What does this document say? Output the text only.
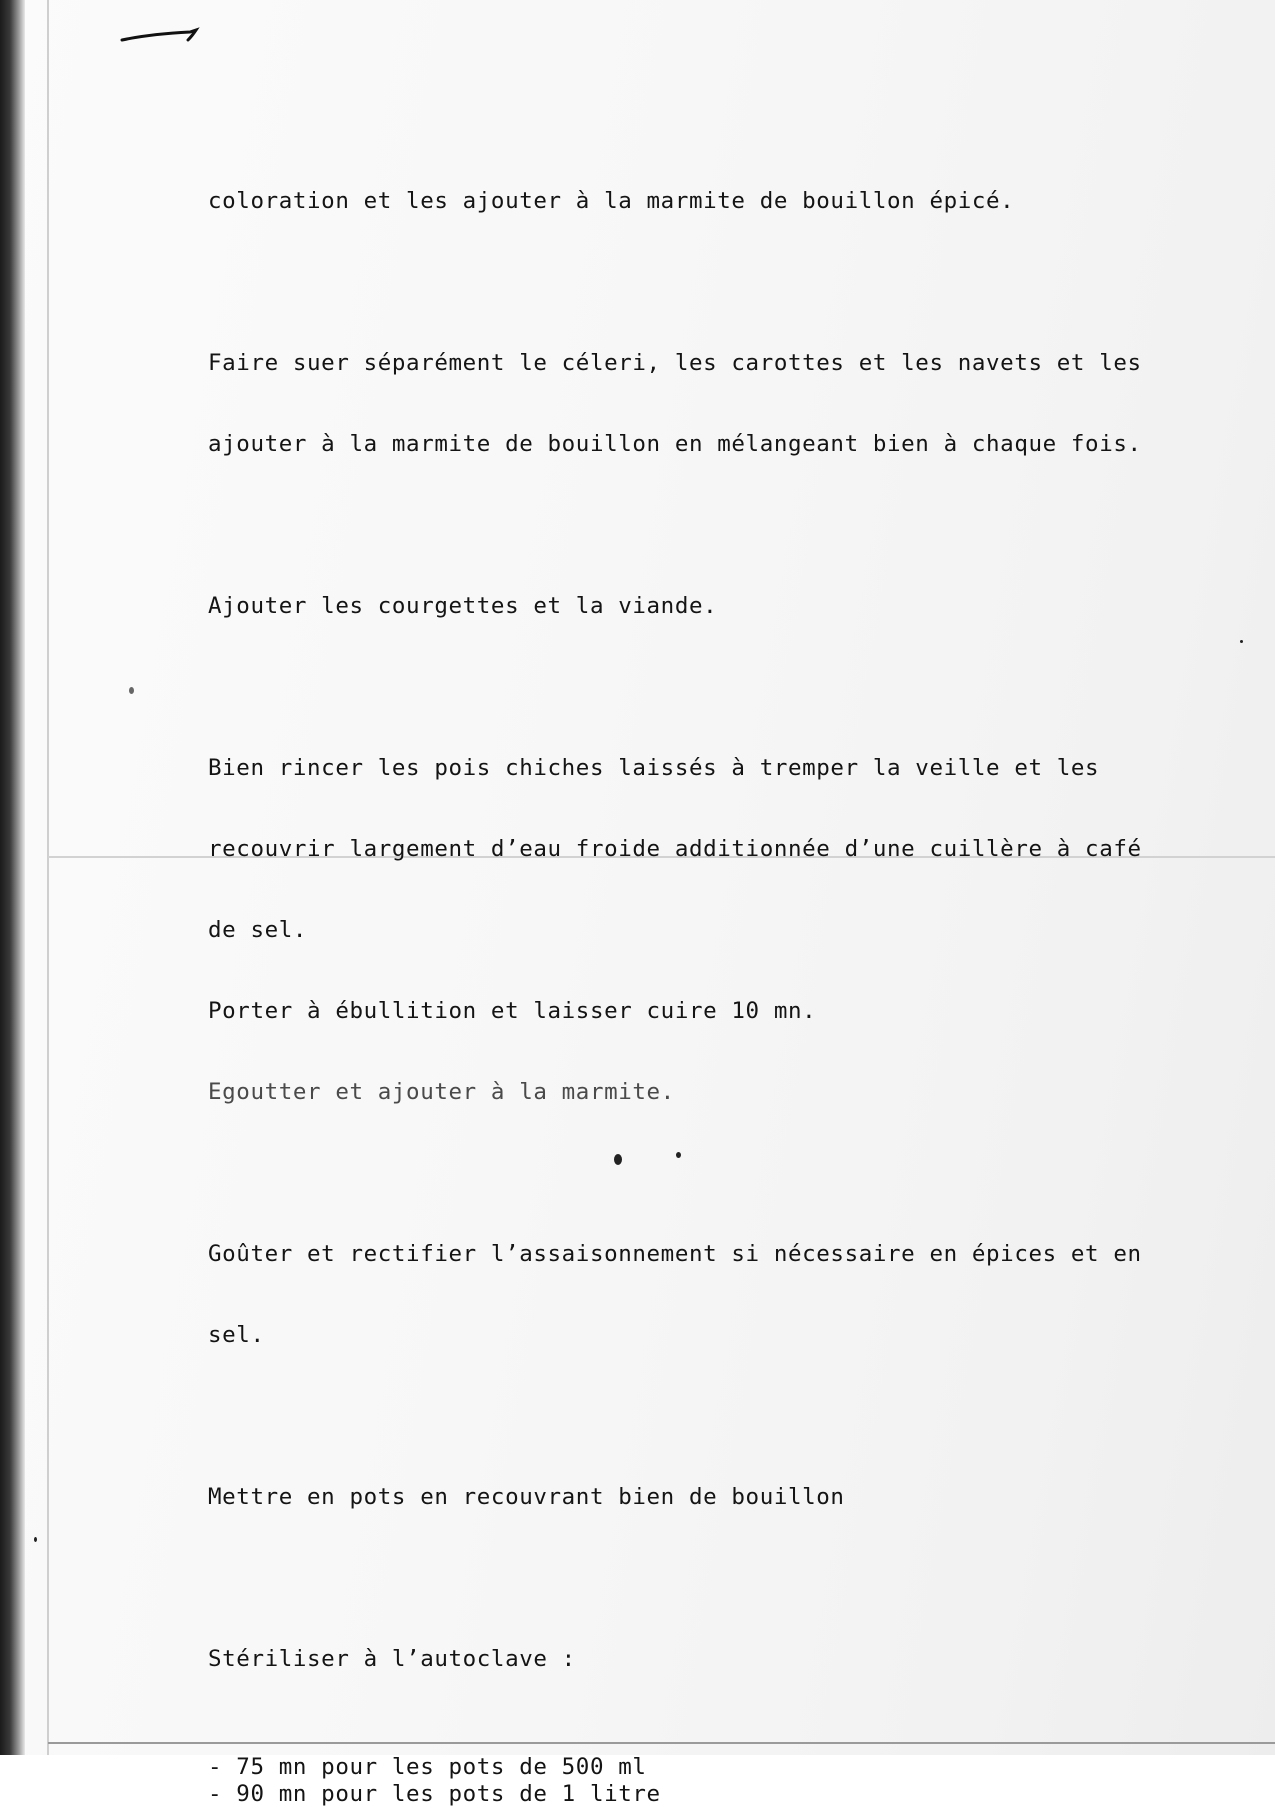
coloration et les ajouter à la marmite de bouillon épicé.

Faire suer séparément le céleri, les carottes et les navets et les

ajouter à la marmite de bouillon en mélangeant bien à chaque fois.

Ajouter les courgettes et la viande.

Bien rincer les pois chiches laissés à tremper la veille et les

recouvrir largement d’eau froide additionnée d’une cuillère à café

de sel.

Porter à ébullition et laisser cuire 10 mn.

Egoutter et ajouter à la marmite.

Goûter et rectifier l’assaisonnement si nécessaire en épices et en

sel.

Mettre en pots en recouvrant bien de bouillon

Stériliser à l’autoclave :

- 75 mn pour les pots de 500 ml
- 90 mn pour les pots de 1 litre
